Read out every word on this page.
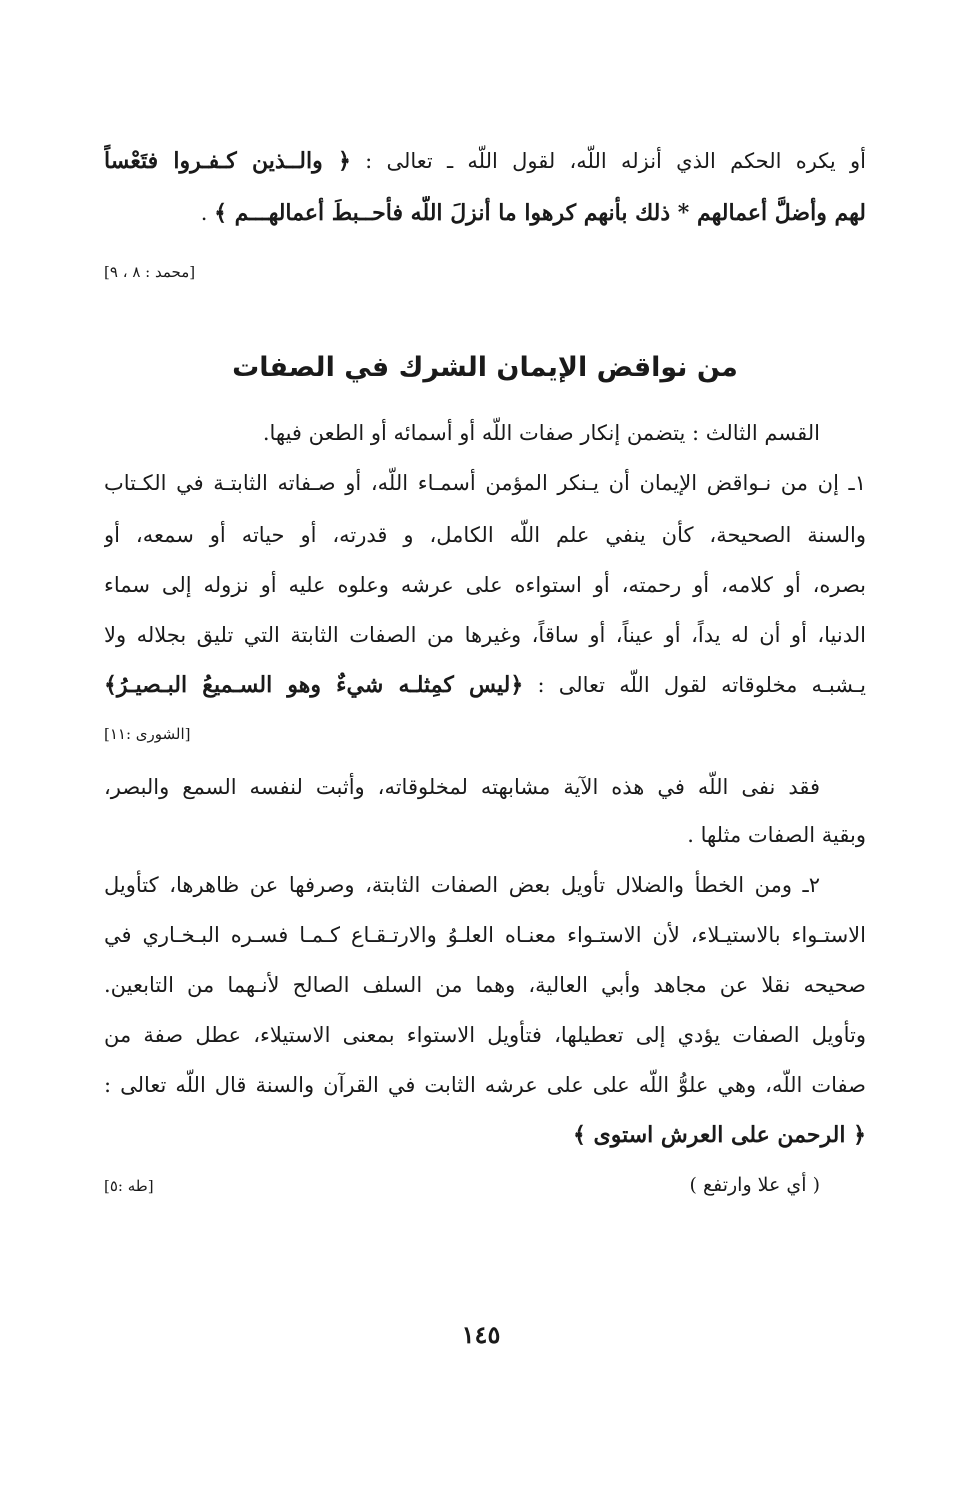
أو يكره الحكم الذي أنزله اللّه، لقول اللّه ـ تعالى : ﴿ والــذين كـفـروا فتَعْساً
لهم وأضلَّ أعمالهم * ذلك بأنهم كرهوا ما أنزلَ اللّه فأحــبطَ أعمالهـــم ﴾ .
[محمد : ٨ ، ٩]
من نواقض الإيمان الشرك في الصفات
القسم الثالث : يتضمن إنكار صفات اللّه أو أسمائه أو الطعن فيها.
١ـ إن من نـواقض الإيمان أن يـنكر المؤمن أسمـاء اللّه، أو صـفاته الثابتـة في الكـتاب
والسنة الصحيحة، كأن ينفي علم اللّه الكامل، و قدرته، أو حياته أو سمعه، أو
بصره، أو كلامه، أو رحمته، أو استواءه على عرشه وعلوه عليه أو نزوله إلى سماء
الدنيا، أو أن له يداً، أو عيناً، أو ساقاً، وغيرها من الصفات الثابتة التي تليق بجلاله ولا
يـشبـه مخلوقاته لقول اللّه تعالى : ﴿ليس كمِثلـه شيءٌ وهو السـميعُ البـصيـرُ﴾
[الشورى :١١]
فقد نفى اللّه في هذه الآية مشابهته لمخلوقاته، وأثبت لنفسه السمع والبصر،
وبقية الصفات مثلها .
٢ـ ومن الخطأ والضلال تأويل بعض الصفات الثابتة، وصرفها عن ظاهرها، كتأويل
الاستـواء بالاستيـلاء، لأن الاستـواء معنـاه العلـوُ والارتـقـاع كـمـا فسـره البـخـاري في
صحيحه نقلا عن مجاهد وأبي العالية، وهما من السلف الصالح لأنـهما من التابعين.
وتأويل الصفات يؤدي إلى تعطيلها، فتأويل الاستواء بمعنى الاستيلاء، عطل صفة من
صفات اللّه، وهي علوُّ اللّه على على عرشه الثابت في القرآن والسنة قال اللّه تعالى :
﴿ الرحمن على العرش استوى ﴾
( أي علا وارتفع )
[طه :٥]
١٤٥
